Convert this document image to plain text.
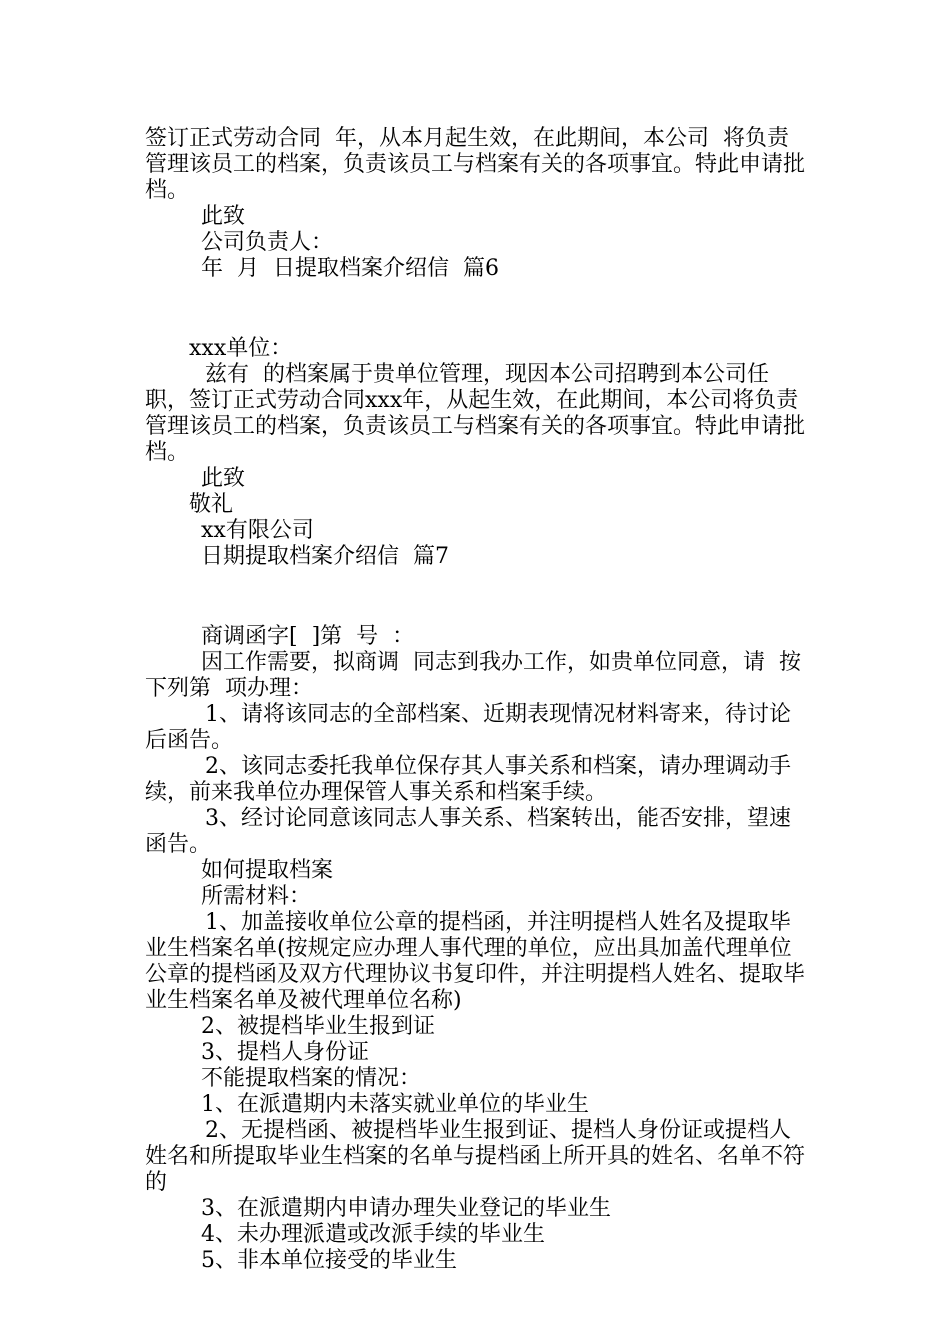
签订正式劳动合同  年，从本月起生效，在此期间，本公司  将负责管理该员工的档案，负责该员工与档案有关的各项事宜。特此申请批档。

此致

公司负责人：

年  月  日提取档案介绍信  篇6

xxx单位：

兹有  的档案属于贵单位管理，现因本公司招聘到本公司任职，签订正式劳动合同xxx年，从起生效，在此期间，本公司将负责管理该员工的档案，负责该员工与档案有关的各项事宜。特此申请批档。

此致

敬礼

xx有限公司

日期提取档案介绍信  篇7

商调函字[  ]第  号  ：

因工作需要，拟商调  同志到我办工作，如贵单位同意，请  按下列第  项办理：

1、请将该同志的全部档案、近期表现情况材料寄来，待讨论后函告。

2、该同志委托我单位保存其人事关系和档案，请办理调动手续，前来我单位办理保管人事关系和档案手续。

3、经讨论同意该同志人事关系、档案转出，能否安排，望速函告。

如何提取档案

所需材料：

1、加盖接收单位公章的提档函，并注明提档人姓名及提取毕业生档案名单(按规定应办理人事代理的单位，应出具加盖代理单位公章的提档函及双方代理协议书复印件，并注明提档人姓名、提取毕业生档案名单及被代理单位名称)

2、被提档毕业生报到证

3、提档人身份证

不能提取档案的情况：

1、在派遣期内未落实就业单位的毕业生

2、无提档函、被提档毕业生报到证、提档人身份证或提档人姓名和所提取毕业生档案的名单与提档函上所开具的姓名、名单不符的

3、在派遣期内申请办理失业登记的毕业生

4、未办理派遣或改派手续的毕业生

5、非本单位接受的毕业生
